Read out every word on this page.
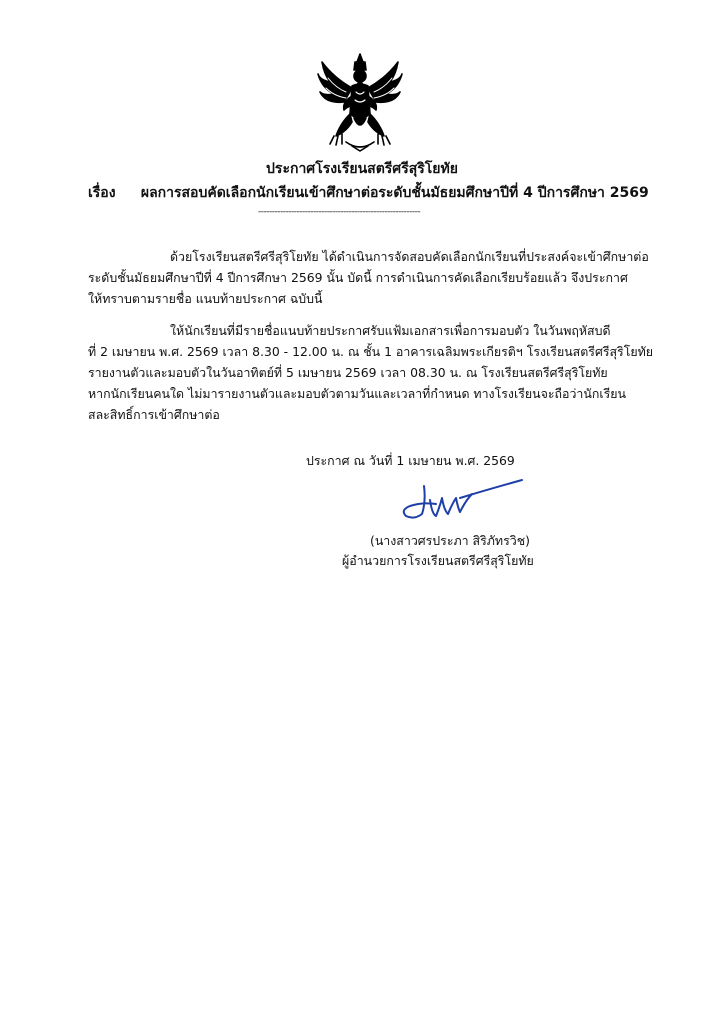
ประกาศโรงเรียนสตรีศรีสุริโยทัย
เรื่อง ผลการสอบคัดเลือกนักเรียนเข้าศึกษาต่อระดับชั้นมัธยมศึกษาปีที่ 4 ปีการศึกษา 2569
-----------------------------------------------------------
ด้วยโรงเรียนสตรีศรีสุริโยทัย ได้ดำเนินการจัดสอบคัดเลือกนักเรียนที่ประสงค์จะเข้าศึกษาต่อ
ระดับชั้นมัธยมศึกษาปีที่ 4 ปีการศึกษา 2569 นั้น บัดนี้ การดำเนินการคัดเลือกเรียบร้อยแล้ว จึงประกาศ
ให้ทราบตามรายชื่อ แนบท้ายประกาศ ฉบับนี้
ให้นักเรียนที่มีรายชื่อแนบท้ายประกาศรับแฟ้มเอกสารเพื่อการมอบตัว ในวันพฤหัสบดี
ที่ 2 เมษายน พ.ศ. 2569 เวลา 8.30 - 12.00 น. ณ ชั้น 1 อาคารเฉลิมพระเกียรติฯ โรงเรียนสตรีศรีสุริโยทัย
รายงานตัวและมอบตัวในวันอาทิตย์ที่ 5 เมษายน 2569 เวลา 08.30 น. ณ โรงเรียนสตรีศรีสุริโยทัย
หากนักเรียนคนใด ไม่มารายงานตัวและมอบตัวตามวันและเวลาที่กำหนด ทางโรงเรียนจะถือว่านักเรียน
สละสิทธิ์การเข้าศึกษาต่อ
ประกาศ ณ วันที่ 1 เมษายน พ.ศ. 2569
(นางสาวศรประภา สิริภัทรวิช)
ผู้อำนวยการโรงเรียนสตรีศรีสุริโยทัย
